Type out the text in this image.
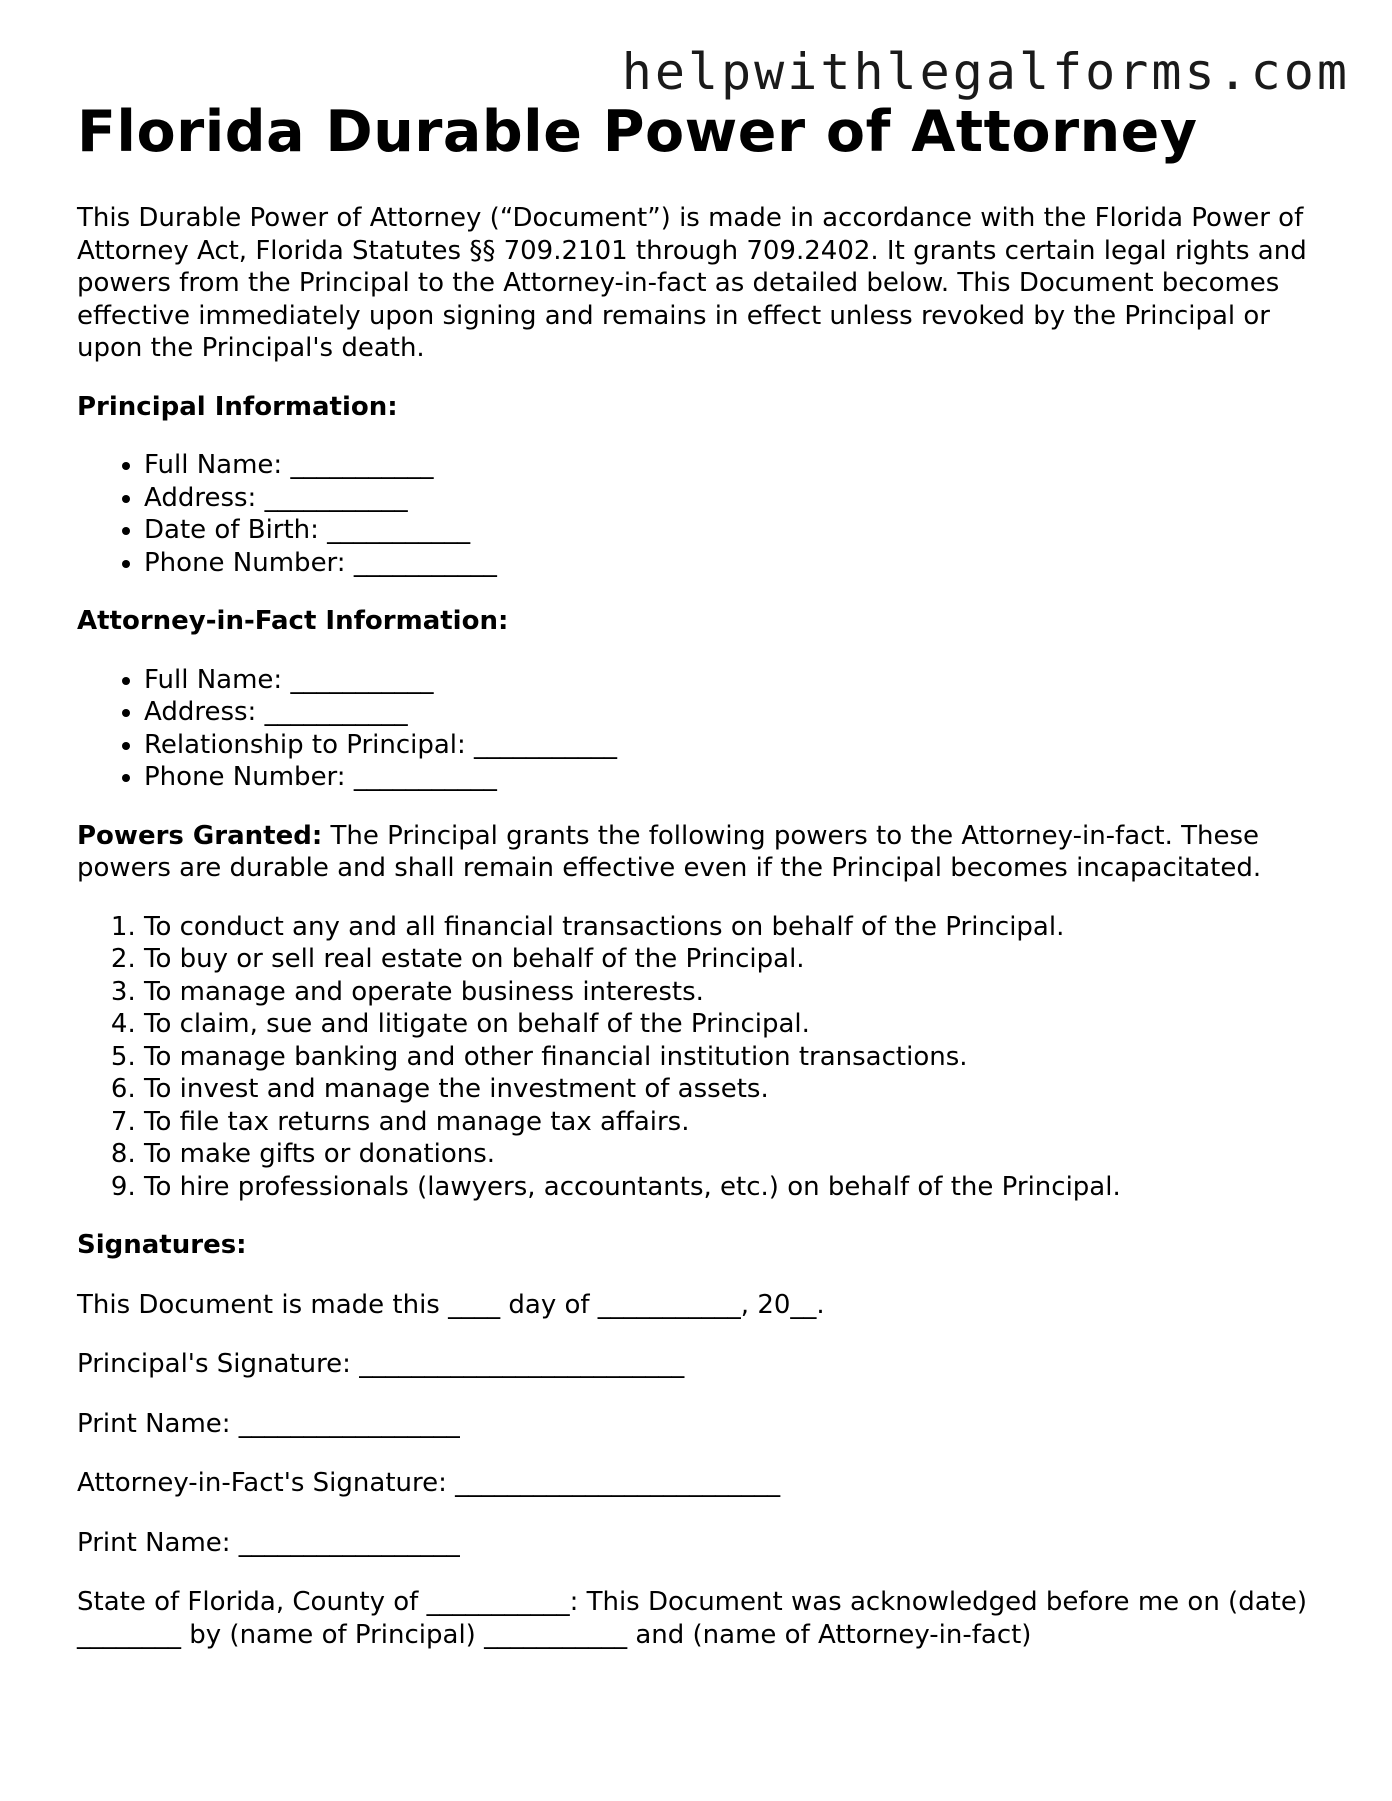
helpwithlegalforms.com
Florida Durable Power of Attorney

This Durable Power of Attorney (“Document”) is made in accordance with the Florida Power of Attorney Act, Florida Statutes §§ 709.2101 through 709.2402. It grants certain legal rights and powers from the Principal to the Attorney-in-fact as detailed below. This Document becomes effective immediately upon signing and remains in effect unless revoked by the Principal or upon the Principal's death.

Principal Information:

• Full Name: ___________
• Address: ___________
• Date of Birth: ___________
• Phone Number: ___________

Attorney-in-Fact Information:

• Full Name: ___________
• Address: ___________
• Relationship to Principal: ___________
• Phone Number: ___________

Powers Granted: The Principal grants the following powers to the Attorney-in-fact. These powers are durable and shall remain effective even if the Principal becomes incapacitated.

1. To conduct any and all financial transactions on behalf of the Principal.
2. To buy or sell real estate on behalf of the Principal.
3. To manage and operate business interests.
4. To claim, sue and litigate on behalf of the Principal.
5. To manage banking and other financial institution transactions.
6. To invest and manage the investment of assets.
7. To file tax returns and manage tax affairs.
8. To make gifts or donations.
9. To hire professionals (lawyers, accountants, etc.) on behalf of the Principal.

Signatures:

This Document is made this ____ day of ___________, 20__.

Principal's Signature: _________________________

Print Name: _________________

Attorney-in-Fact's Signature: _________________________

Print Name: _________________

State of Florida, County of ___________: This Document was acknowledged before me on (date) ________ by (name of Principal) ___________ and (name of Attorney-in-fact)
